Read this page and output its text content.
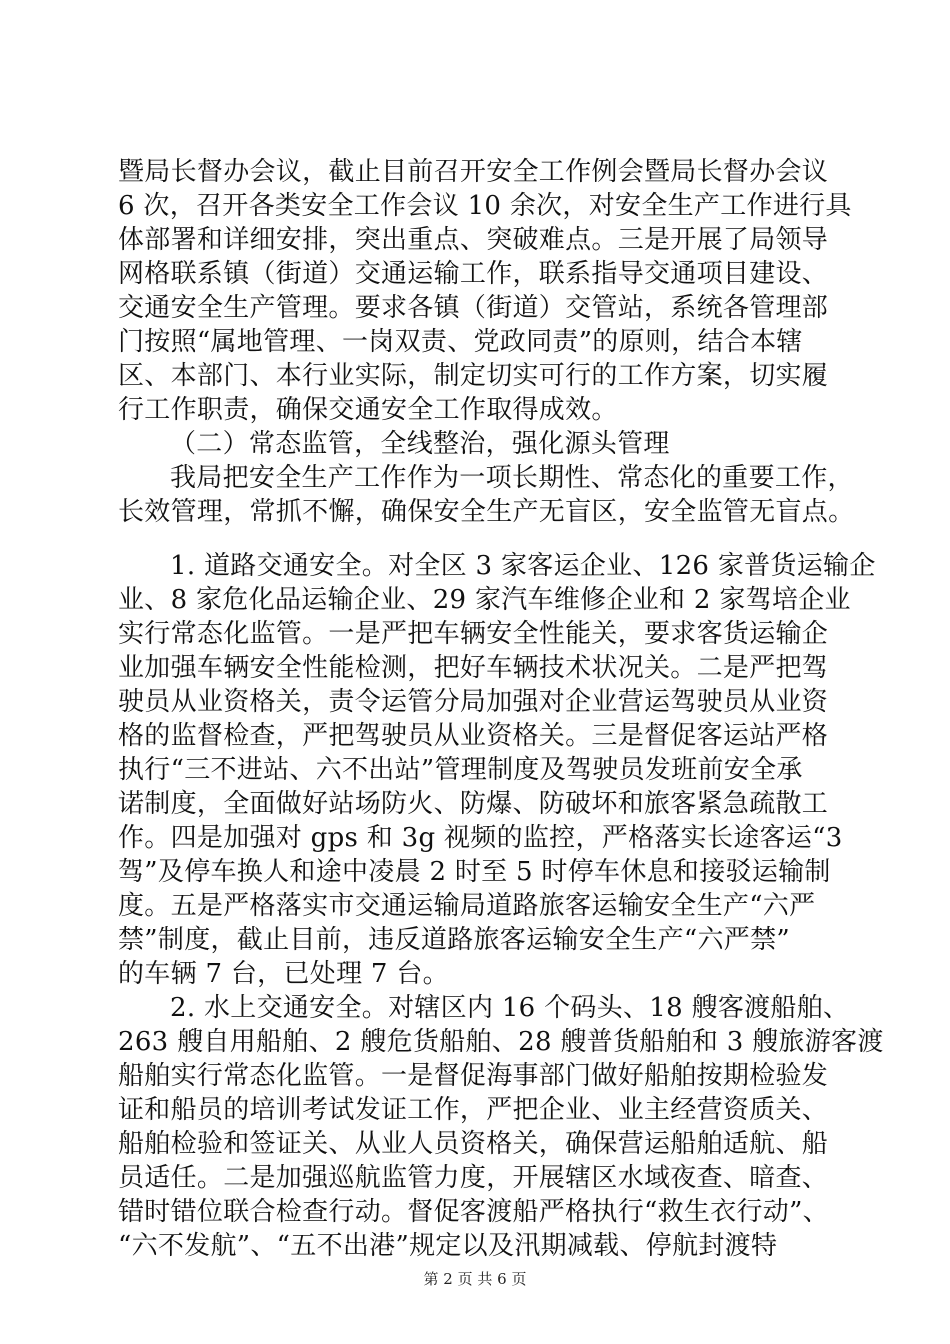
暨局长督办会议，截止目前召开安全工作例会暨局长督办会议
6 次，召开各类安全工作会议 10 余次，对安全生产工作进行具
体部署和详细安排，突出重点、突破难点。三是开展了局领导
网格联系镇（街道）交通运输工作，联系指导交通项目建设、
交通安全生产管理。要求各镇（街道）交管站，系统各管理部
门按照“属地管理、一岗双责、党政同责”的原则，结合本辖
区、本部门、本行业实际，制定切实可行的工作方案，切实履
行工作职责，确保交通安全工作取得成效。
（二）常态监管，全线整治，强化源头管理
我局把安全生产工作作为一项长期性、常态化的重要工作，
长效管理，常抓不懈，确保安全生产无盲区，安全监管无盲点。
1. 道路交通安全。对全区 3 家客运企业、126 家普货运输企
业、8 家危化品运输企业、29 家汽车维修企业和 2 家驾培企业
实行常态化监管。一是严把车辆安全性能关，要求客货运输企
业加强车辆安全性能检测，把好车辆技术状况关。二是严把驾
驶员从业资格关，责令运管分局加强对企业营运驾驶员从业资
格的监督检查，严把驾驶员从业资格关。三是督促客运站严格
执行“三不进站、六不出站”管理制度及驾驶员发班前安全承
诺制度，全面做好站场防火、防爆、防破坏和旅客紧急疏散工
作。四是加强对 gps 和 3g 视频的监控，严格落实长途客运“3
驾”及停车换人和途中凌晨 2 时至 5 时停车休息和接驳运输制
度。五是严格落实市交通运输局道路旅客运输安全生产“六严
禁”制度，截止目前，违反道路旅客运输安全生产“六严禁”
的车辆 7 台，已处理 7 台。
2. 水上交通安全。对辖区内 16 个码头、18 艘客渡船舶、
263 艘自用船舶、2 艘危货船舶、28 艘普货船舶和 3 艘旅游客渡
船舶实行常态化监管。一是督促海事部门做好船舶按期检验发
证和船员的培训考试发证工作，严把企业、业主经营资质关、
船舶检验和签证关、从业人员资格关，确保营运船舶适航、船
员适任。二是加强巡航监管力度，开展辖区水域夜查、暗查、
错时错位联合检查行动。督促客渡船严格执行“救生衣行动”、
“六不发航”、“五不出港”规定以及汛期减载、停航封渡特
第 2 页 共 6 页
